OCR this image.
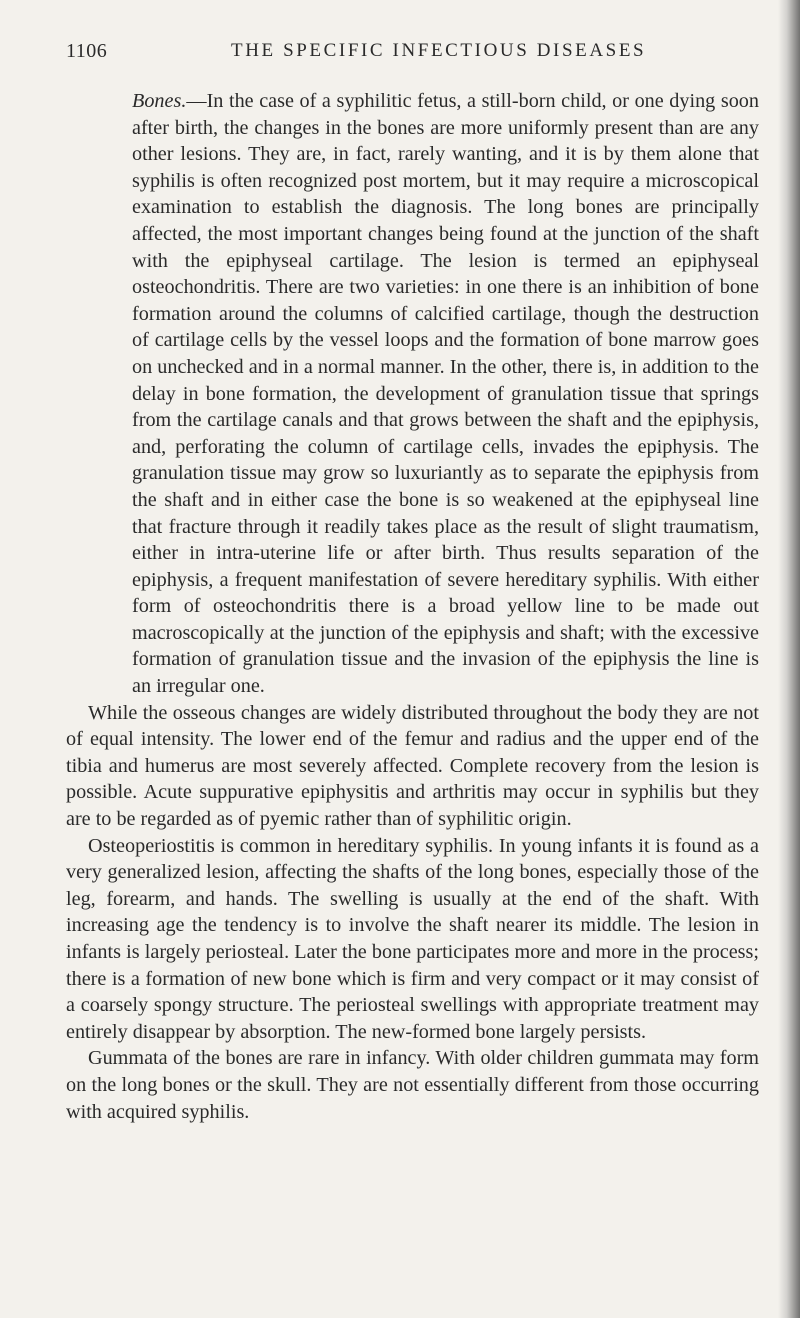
1106	THE SPECIFIC INFECTIOUS DISEASES

Bones.—In the case of a syphilitic fetus, a still-born child, or one dying soon after birth, the changes in the bones are more uniformly present than are any other lesions. They are, in fact, rarely wanting, and it is by them alone that syphilis is often recognized post mortem, but it may require a microscopical examination to establish the diagnosis. The long bones are principally affected, the most important changes being found at the junction of the shaft with the epiphyseal cartilage. The lesion is termed an epiphyseal osteochondritis. There are two varieties: in one there is an inhibition of bone formation around the columns of calcified cartilage, though the destruction of cartilage cells by the vessel loops and the formation of bone marrow goes on unchecked and in a normal manner. In the other, there is, in addition to the delay in bone formation, the development of granulation tissue that springs from the cartilage canals and that grows between the shaft and the epiphysis, and, perforating the column of cartilage cells, invades the epiphysis. The granulation tissue may grow so luxuriantly as to separate the epiphysis from the shaft and in either case the bone is so weakened at the epiphyseal line that fracture through it readily takes place as the result of slight traumatism, either in intra-uterine life or after birth. Thus results separation of the epiphysis, a frequent manifestation of severe hereditary syphilis. With either form of osteochondritis there is a broad yellow line to be made out macroscopically at the junction of the epiphysis and shaft; with the excessive formation of granulation tissue and the invasion of the epiphysis the line is an irregular one.

While the osseous changes are widely distributed throughout the body they are not of equal intensity. The lower end of the femur and radius and the upper end of the tibia and humerus are most severely affected. Complete recovery from the lesion is possible. Acute suppurative epiphysitis and arthritis may occur in syphilis but they are to be regarded as of pyemic rather than of syphilitic origin.

Osteoperiostitis is common in hereditary syphilis. In young infants it is found as a very generalized lesion, affecting the shafts of the long bones, especially those of the leg, forearm, and hands. The swelling is usually at the end of the shaft. With increasing age the tendency is to involve the shaft nearer its middle. The lesion in infants is largely periosteal. Later the bone participates more and more in the process; there is a formation of new bone which is firm and very compact or it may consist of a coarsely spongy structure. The periosteal swellings with appropriate treatment may entirely disappear by absorption. The new-formed bone largely persists.

Gummata of the bones are rare in infancy. With older children gummata may form on the long bones or the skull. They are not essentially different from those occurring with acquired syphilis.
